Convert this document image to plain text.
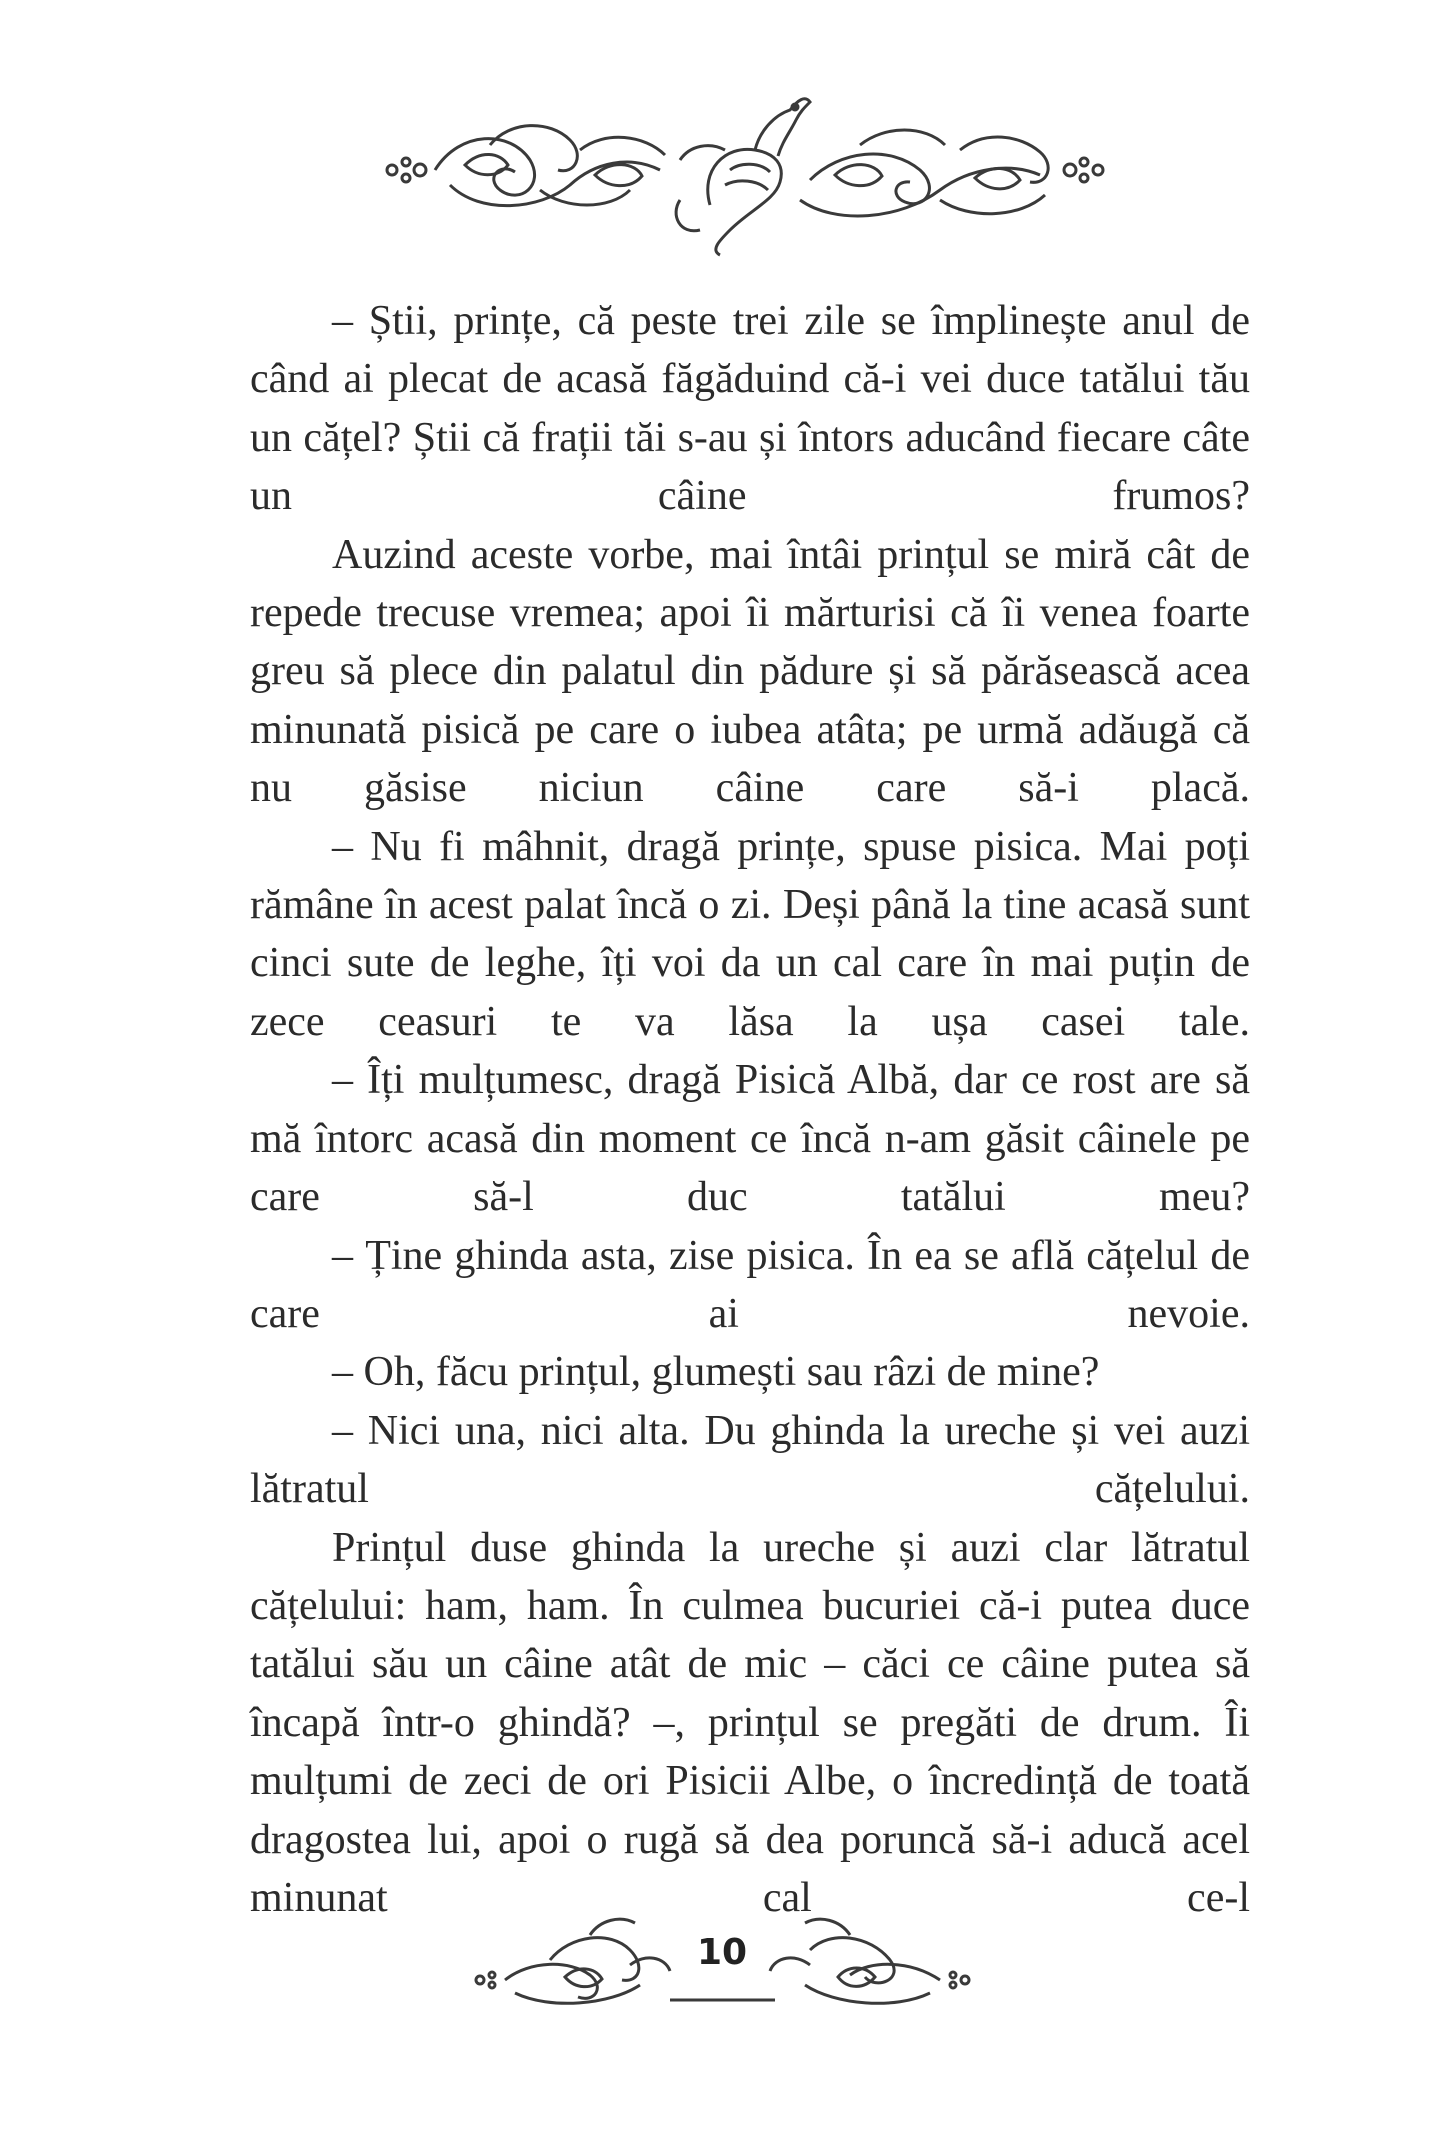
– Știi, prințe, că peste trei zile se împlinește anul de când ai plecat de acasă făgăduind că-i vei duce tatălui tău un cățel? Știi că frații tăi s-au și întors aducând fiecare câte un câine frumos?

Auzind aceste vorbe, mai întâi prințul se miră cât de repede trecuse vremea; apoi îi mărturisi că îi venea foarte greu să plece din palatul din pădure și să părăsească acea minunată pisică pe care o iubea atâta; pe urmă adăugă că nu găsise niciun câine care să-i placă.

– Nu fi mâhnit, dragă prințe, spuse pisica. Mai poți rămâne în acest palat încă o zi. Deși până la tine acasă sunt cinci sute de leghe, îți voi da un cal care în mai puțin de zece ceasuri te va lăsa la ușa casei tale.

– Îți mulțumesc, dragă Pisică Albă, dar ce rost are să mă întorc acasă din moment ce încă n-am găsit câinele pe care să-l duc tatălui meu?

– Ține ghinda asta, zise pisica. În ea se află cățelul de care ai nevoie.

– Oh, făcu prințul, glumești sau râzi de mine?

– Nici una, nici alta. Du ghinda la ureche și vei auzi lătratul cățelului.

Prințul duse ghinda la ureche și auzi clar lătratul cățelului: ham, ham. În culmea bucuriei că-i putea duce tatălui său un câine atât de mic – căci ce câine putea să încapă într-o ghindă? –, prințul se pregăti de drum. Îi mulțumi de zeci de ori Pisicii Albe, o încredință de toată dragostea lui, apoi o rugă să dea poruncă să-i aducă acel minunat cal ce-l

10
